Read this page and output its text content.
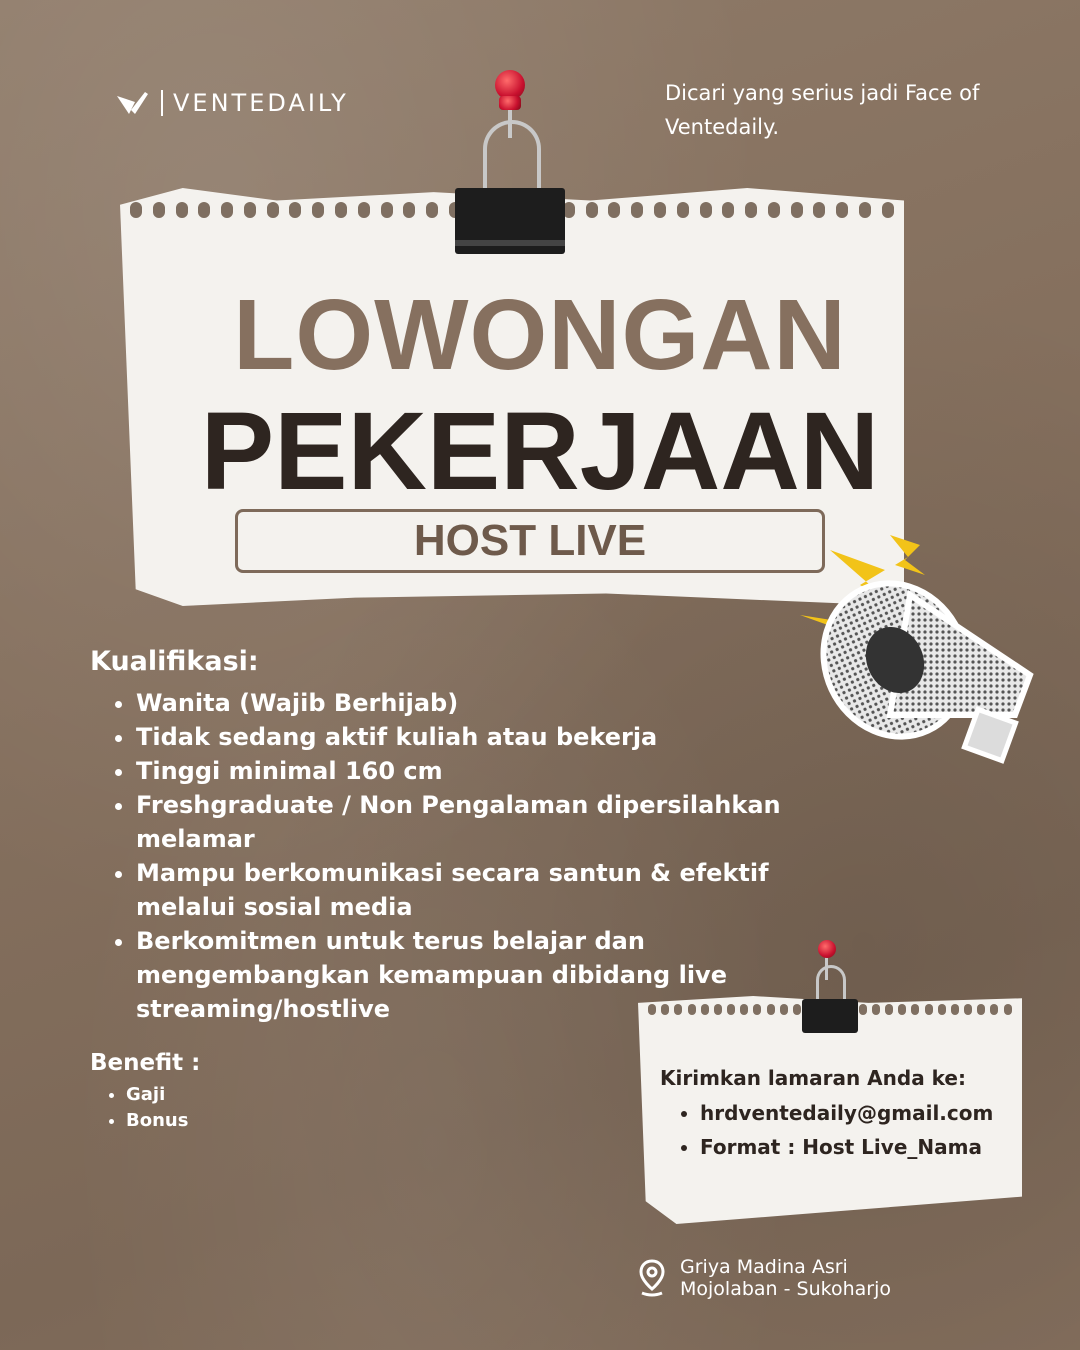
VENTEDAILY	Dicari yang serius jadi Face of Ventedaily.
LOWONGAN
PEKERJAAN
HOST LIVE
Kualifikasi:
• Wanita (Wajib Berhijab)
• Tidak sedang aktif kuliah atau bekerja
• Tinggi minimal 160 cm
• Freshgraduate / Non Pengalaman dipersilahkan melamar
• Mampu berkomunikasi secara santun & efektif melalui sosial media
• Berkomitmen untuk terus belajar dan mengembangkan kemampuan dibidang live streaming/hostlive
Benefit :
• Gaji
• Bonus
Kirimkan lamaran Anda ke:
• hrdventedaily@gmail.com
• Format : Host Live_Nama
Griya Madina Asri
Mojolaban - Sukoharjo
